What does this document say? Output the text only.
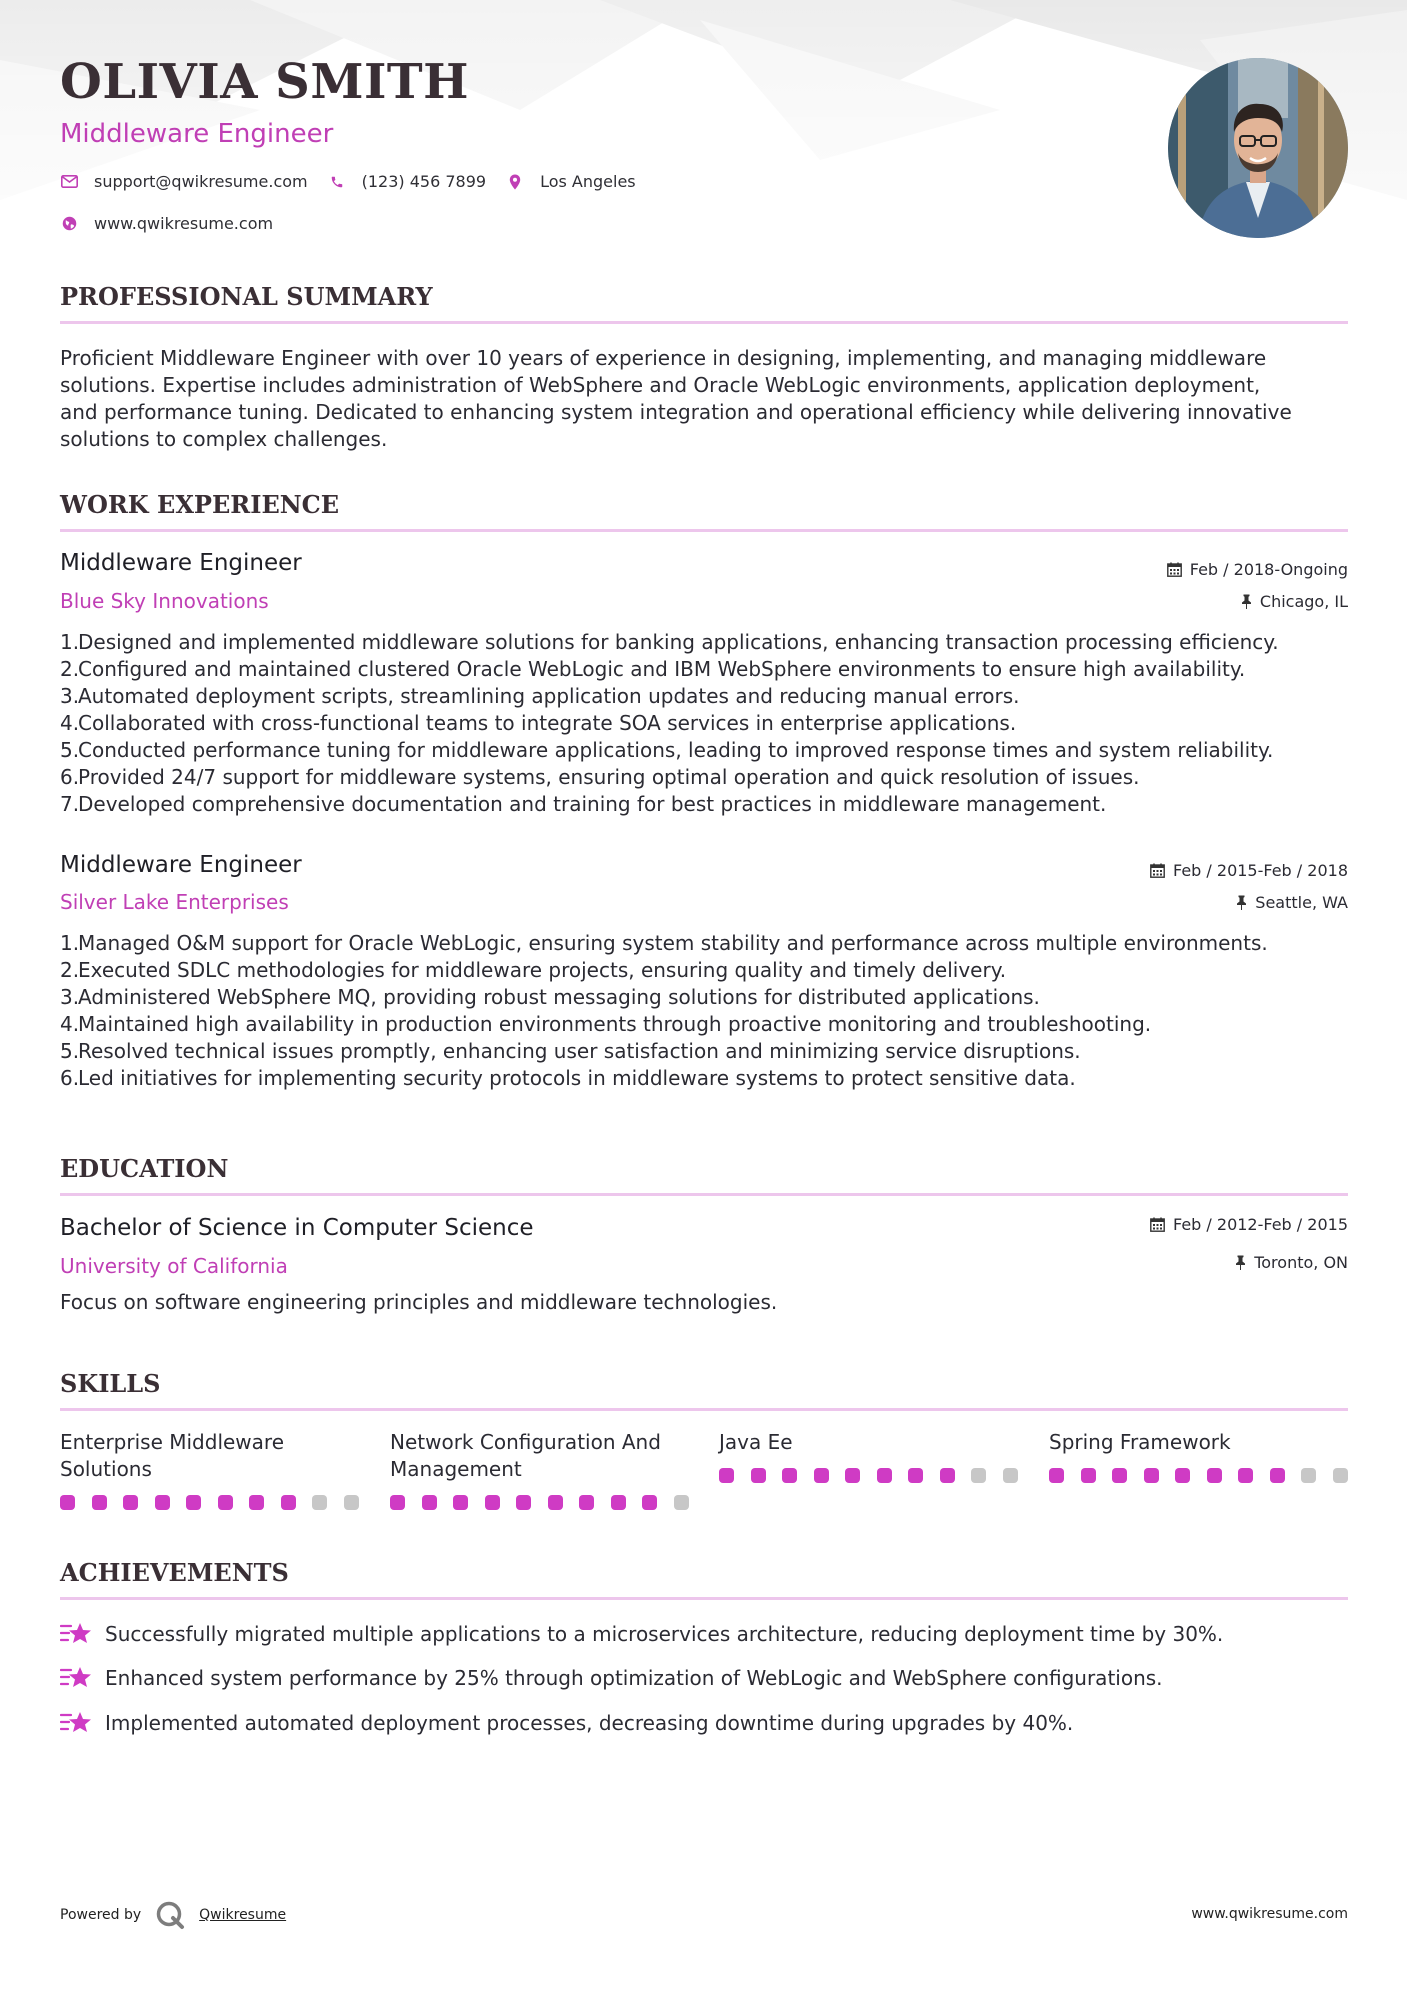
OLIVIA SMITH
Middleware Engineer
support@qwikresume.com	(123) 456 7899	Los Angeles
www.qwikresume.com
PROFESSIONAL SUMMARY
Proficient Middleware Engineer with over 10 years of experience in designing, implementing, and managing middleware
solutions. Expertise includes administration of WebSphere and Oracle WebLogic environments, application deployment,
and performance tuning. Dedicated to enhancing system integration and operational efficiency while delivering innovative
solutions to complex challenges.
WORK EXPERIENCE
Middleware Engineer
Blue Sky Innovations
Feb / 2018-Ongoing
Chicago, IL
Designed and implemented middleware solutions for banking applications, enhancing transaction processing efficiency.
Configured and maintained clustered Oracle WebLogic and IBM WebSphere environments to ensure high availability.
Automated deployment scripts, streamlining application updates and reducing manual errors.
Collaborated with cross-functional teams to integrate SOA services in enterprise applications.
Conducted performance tuning for middleware applications, leading to improved response times and system reliability.
Provided 24/7 support for middleware systems, ensuring optimal operation and quick resolution of issues.
Developed comprehensive documentation and training for best practices in middleware management.
Middleware Engineer
Silver Lake Enterprises
Feb / 2015-Feb / 2018
Seattle, WA
Managed O&M support for Oracle WebLogic, ensuring system stability and performance across multiple environments.
Executed SDLC methodologies for middleware projects, ensuring quality and timely delivery.
Administered WebSphere MQ, providing robust messaging solutions for distributed applications.
Maintained high availability in production environments through proactive monitoring and troubleshooting.
Resolved technical issues promptly, enhancing user satisfaction and minimizing service disruptions.
Led initiatives for implementing security protocols in middleware systems to protect sensitive data.
EDUCATION
Bachelor of Science in Computer Science
University of California
Feb / 2012-Feb / 2015
Toronto, ON
Focus on software engineering principles and middleware technologies.
SKILLS
Enterprise Middleware
Solutions
Network Configuration And
Management
Java Ee	Spring Framework
ACHIEVEMENTS
Successfully migrated multiple applications to a microservices architecture, reducing deployment time by 30%.
Enhanced system performance by 25% through optimization of WebLogic and WebSphere configurations.
Implemented automated deployment processes, decreasing downtime during upgrades by 40%.
Powered by	Qwikresume	www.qwikresume.com
